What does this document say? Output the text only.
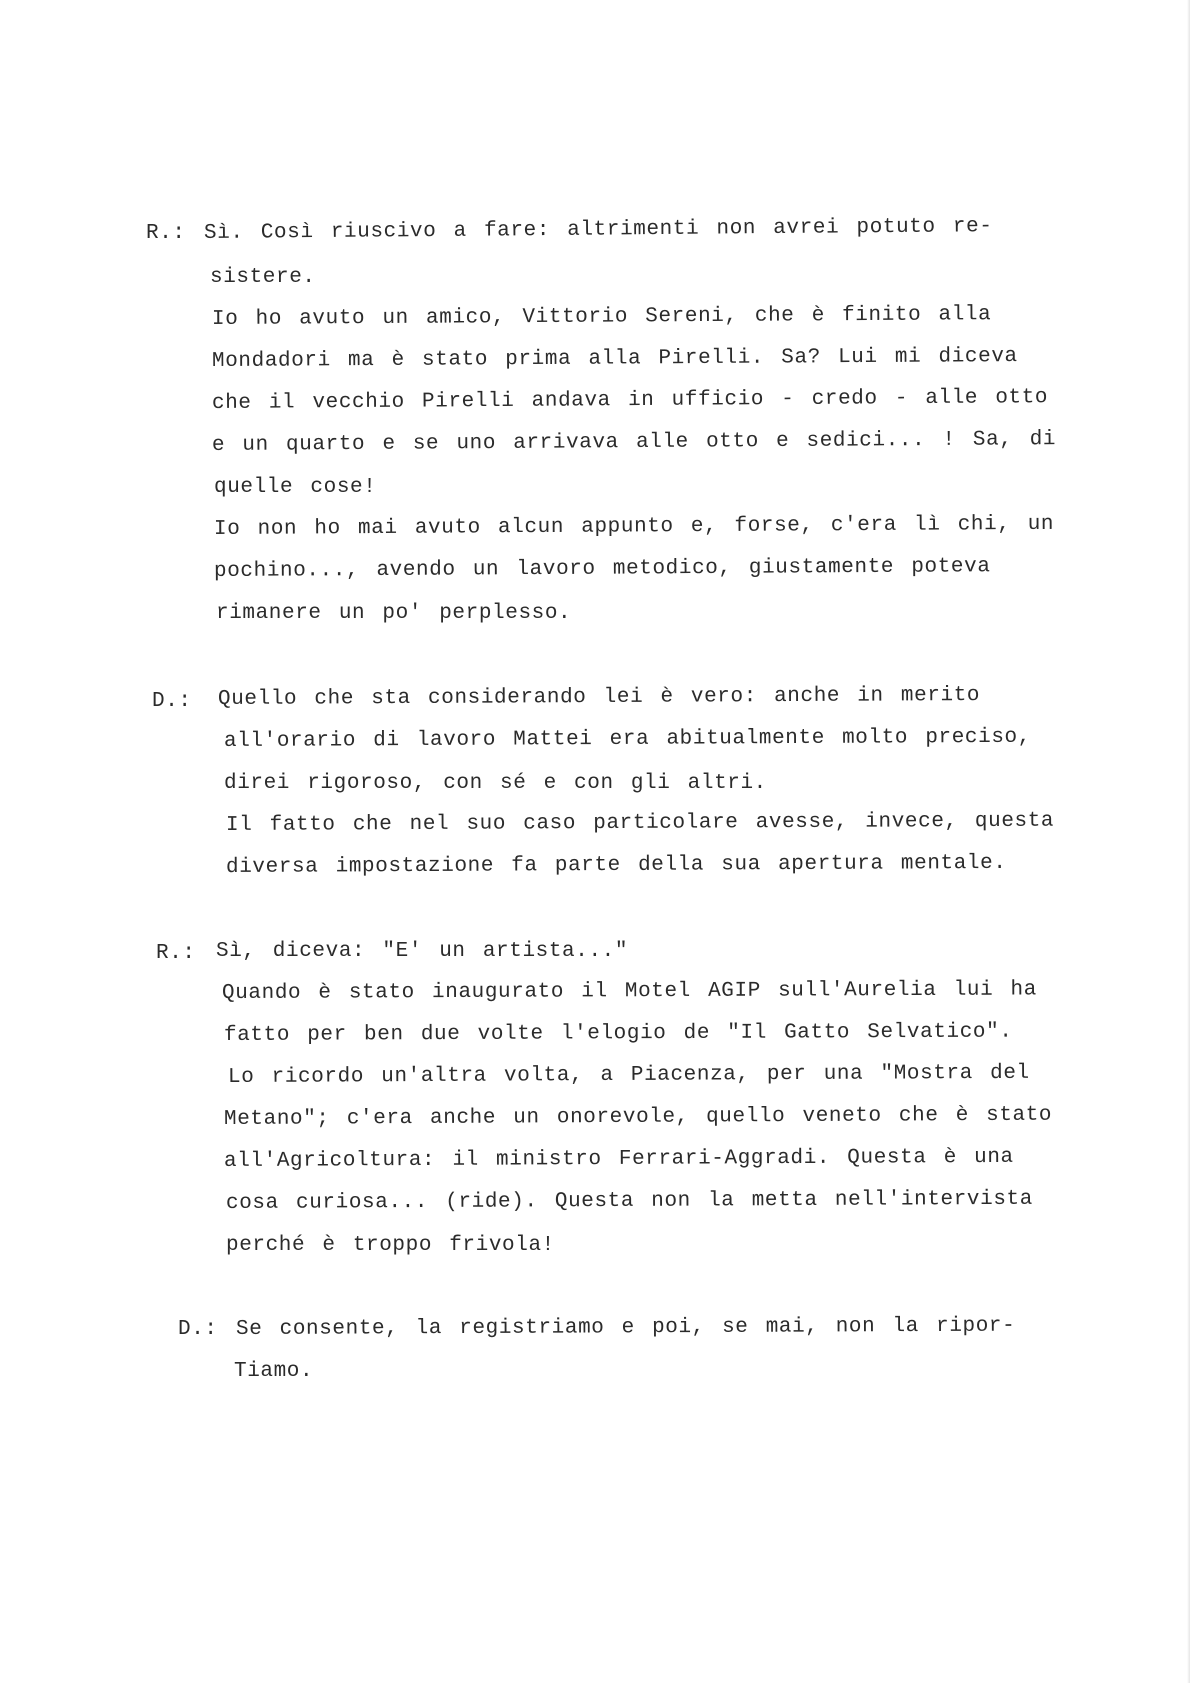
R.: Sì. Così riuscivo a fare: altrimenti non avrei potuto re-
sistere.
Io ho avuto un amico, Vittorio Sereni, che è finito alla
Mondadori ma è stato prima alla Pirelli. Sa? Lui mi diceva
che il vecchio Pirelli andava in ufficio - credo - alle otto
e un quarto e se uno arrivava alle otto e sedici... ! Sa, di
quelle cose!
Io non ho mai avuto alcun appunto e, forse, c'era lì chi, un
pochino..., avendo un lavoro metodico, giustamente poteva
rimanere un po' perplesso.
D.: Quello che sta considerando lei è vero: anche in merito
all'orario di lavoro Mattei era abitualmente molto preciso,
direi rigoroso, con sé e con gli altri.
Il fatto che nel suo caso particolare avesse, invece, questa
diversa impostazione fa parte della sua apertura mentale.
R.: Sì, diceva: "E' un artista..."
Quando è stato inaugurato il Motel AGIP sull'Aurelia lui ha
fatto per ben due volte l'elogio de "Il Gatto Selvatico".
Lo ricordo un'altra volta, a Piacenza, per una "Mostra del
Metano"; c'era anche un onorevole, quello veneto che è stato
all'Agricoltura: il ministro Ferrari-Aggradi. Questa è una
cosa curiosa... (ride). Questa non la metta nell'intervista
perché è troppo frivola!
D.: Se consente, la registriamo e poi, se mai, non la ripor-
Tiamo.
